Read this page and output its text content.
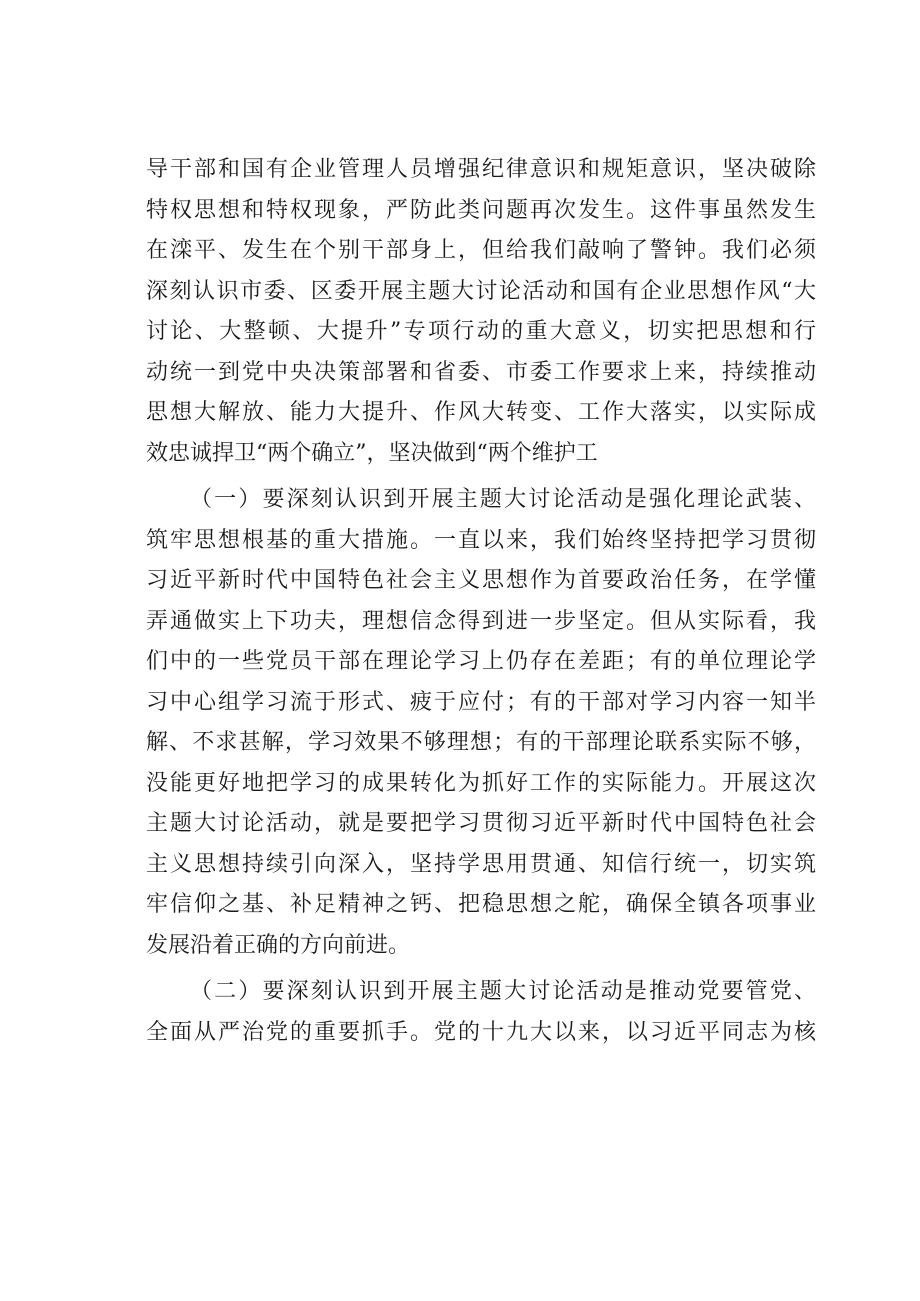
导干部和国有企业管理人员增强纪律意识和规矩意识，坚决破除
特权思想和特权现象，严防此类问题再次发生。这件事虽然发生
在滦平、发生在个别干部身上，但给我们敲响了警钟。我们必须
深刻认识市委、区委开展主题大讨论活动和国有企业思想作风“大
讨论、大整顿、大提升”专项行动的重大意义，切实把思想和行
动统一到党中央决策部署和省委、市委工作要求上来，持续推动
思想大解放、能力大提升、作风大转变、工作大落实，以实际成
效忠诚捍卫“两个确立”，坚决做到“两个维护工
（一）要深刻认识到开展主题大讨论活动是强化理论武装、
筑牢思想根基的重大措施。一直以来，我们始终坚持把学习贯彻
习近平新时代中国特色社会主义思想作为首要政治任务，在学懂
弄通做实上下功夫，理想信念得到进一步坚定。但从实际看，我
们中的一些党员干部在理论学习上仍存在差距；有的单位理论学
习中心组学习流于形式、疲于应付；有的干部对学习内容一知半
解、不求甚解，学习效果不够理想；有的干部理论联系实际不够，
没能更好地把学习的成果转化为抓好工作的实际能力。开展这次
主题大讨论活动，就是要把学习贯彻习近平新时代中国特色社会
主义思想持续引向深入，坚持学思用贯通、知信行统一，切实筑
牢信仰之基、补足精神之钙、把稳思想之舵，确保全镇各项事业
发展沿着正确的方向前进。
（二）要深刻认识到开展主题大讨论活动是推动党要管党、
全面从严治党的重要抓手。党的十九大以来，以习近平同志为核
